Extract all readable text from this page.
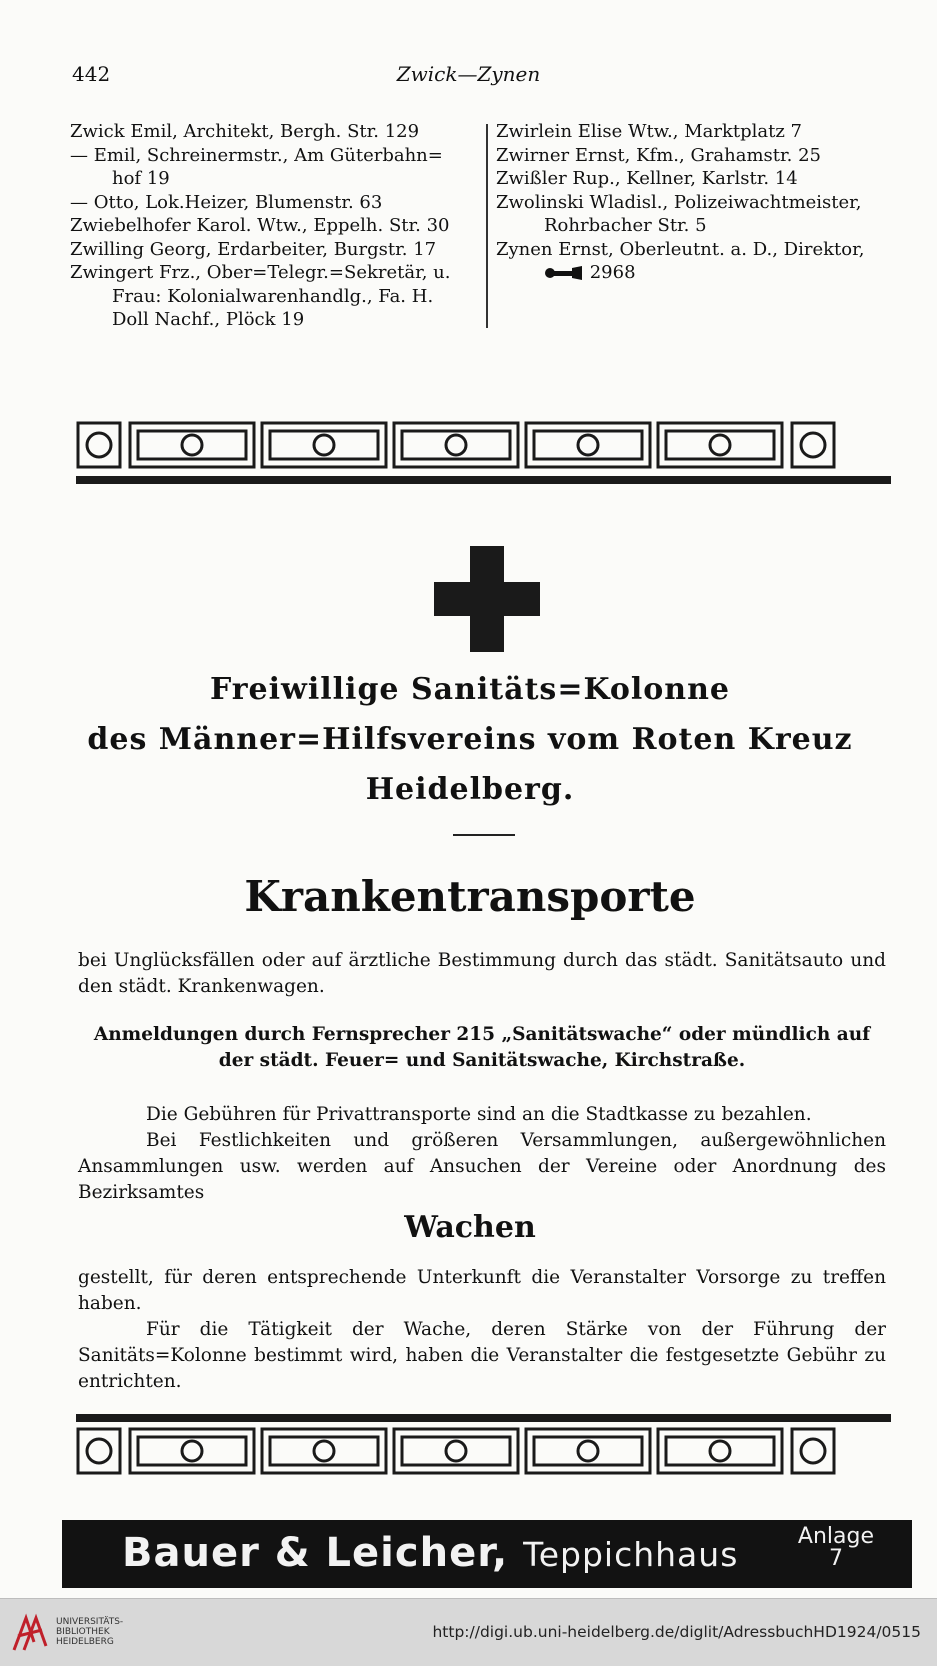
442	Zwick—Zynen

Zwick Emil, Architekt, Bergh. Str. 129

— Emil, Schreinermstr., Am Güterbahn=

hof 19

— Otto, Lok.Heizer, Blumenstr. 63

Zwiebelhofer Karol. Wtw., Eppelh. Str. 30

Zwilling Georg, Erdarbeiter, Burgstr. 17

Zwingert Frz., Ober=Telegr.=Sekretär, u.

Frau: Kolonialwarenhandlg., Fa. H.

Doll Nachf., Plöck 19

Zwirlein Elise Wtw., Marktplatz 7

Zwirner Ernst, Kfm., Grahamstr. 25

Zwißler Rup., Kellner, Karlstr. 14

Zwolinski Wladisl., Polizeiwachtmeister,

Rohrbacher Str. 5

Zynen Ernst, Oberleutnt. a. D., Direktor,

2968

Freiwillige Sanitäts=Kolonne
des Männer=Hilfsvereins vom Roten Kreuz
Heidelberg.
Krankentransporte

bei Unglücksfällen oder auf ärztliche Bestimmung durch das städt. Sanitätsauto und den städt. Krankenwagen.

Anmeldungen durch Fernsprecher 215 „Sanitätswache“ oder mündlich auf der städt. Feuer= und Sanitätswache, Kirchstraße.

Die Gebühren für Privattransporte sind an die Stadtkasse zu bezahlen.

Bei Festlichkeiten und größeren Versammlungen, außergewöhnlichen Ansammlungen usw. werden auf Ansuchen der Vereine oder Anordnung des Bezirksamtes

Wachen

gestellt, für deren entsprechende Unterkunft die Veranstalter Vorsorge zu treffen haben.

Für die Tätigkeit der Wache, deren Stärke von der Führung der Sanitäts=Kolonne bestimmt wird, haben die Veranstalter die festgesetzte Gebühr zu entrichten.

Bauer & Leicher, Teppichhaus	Anlage
7
UNIVERSITÄTS-
BIBLIOTHEK
HEIDELBERG
http://digi.ub.uni-heidelberg.de/diglit/AdressbuchHD1924/0515
